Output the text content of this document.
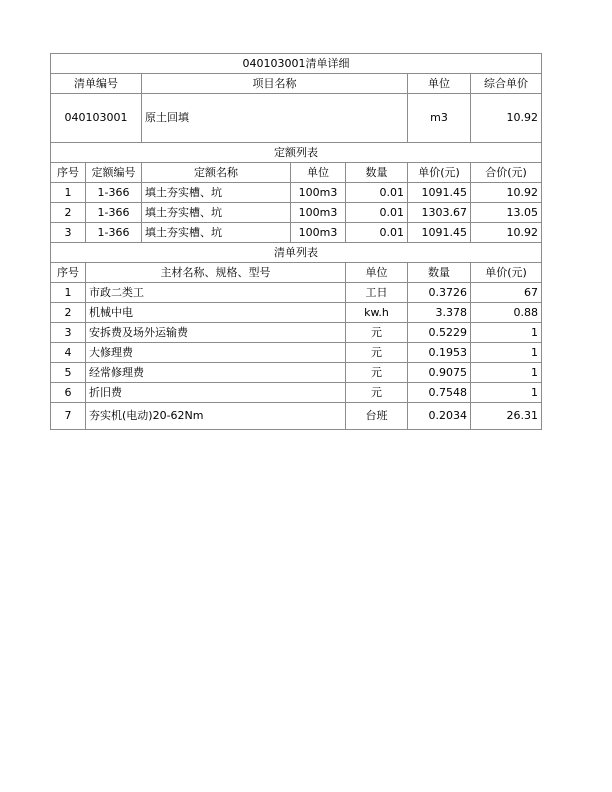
040103001清单详细							
清单编号		项目名称			单位	综合单价	
040103001		原土回填			m3	10.92	
定额列表							
序号	定额编号	定额名称	单位	数量	单价(元)	合价(元)	
1	1-366	填土夯实槽、坑	100m3	0.01	1091.45	10.92	
2	1-366	填土夯实槽、坑	100m3	0.01	1303.67	13.05	
3	1-366	填土夯实槽、坑	100m3	0.01	1091.45	10.92	
清单列表							
序号	主材名称、规格、型号			单位	数量	单价(元)	
1	市政二类工			工日	0.3726	67	
2	机械中电			kw.h	3.378	0.88	
3	安拆费及场外运输费			元	0.5229	1	
4	大修理费			元	0.1953	1	
5	经常修理费			元	0.9075	1	
6	折旧费			元	0.7548	1	
7	夯实机(电动)20-62Nm			台班	0.2034	26.31	
